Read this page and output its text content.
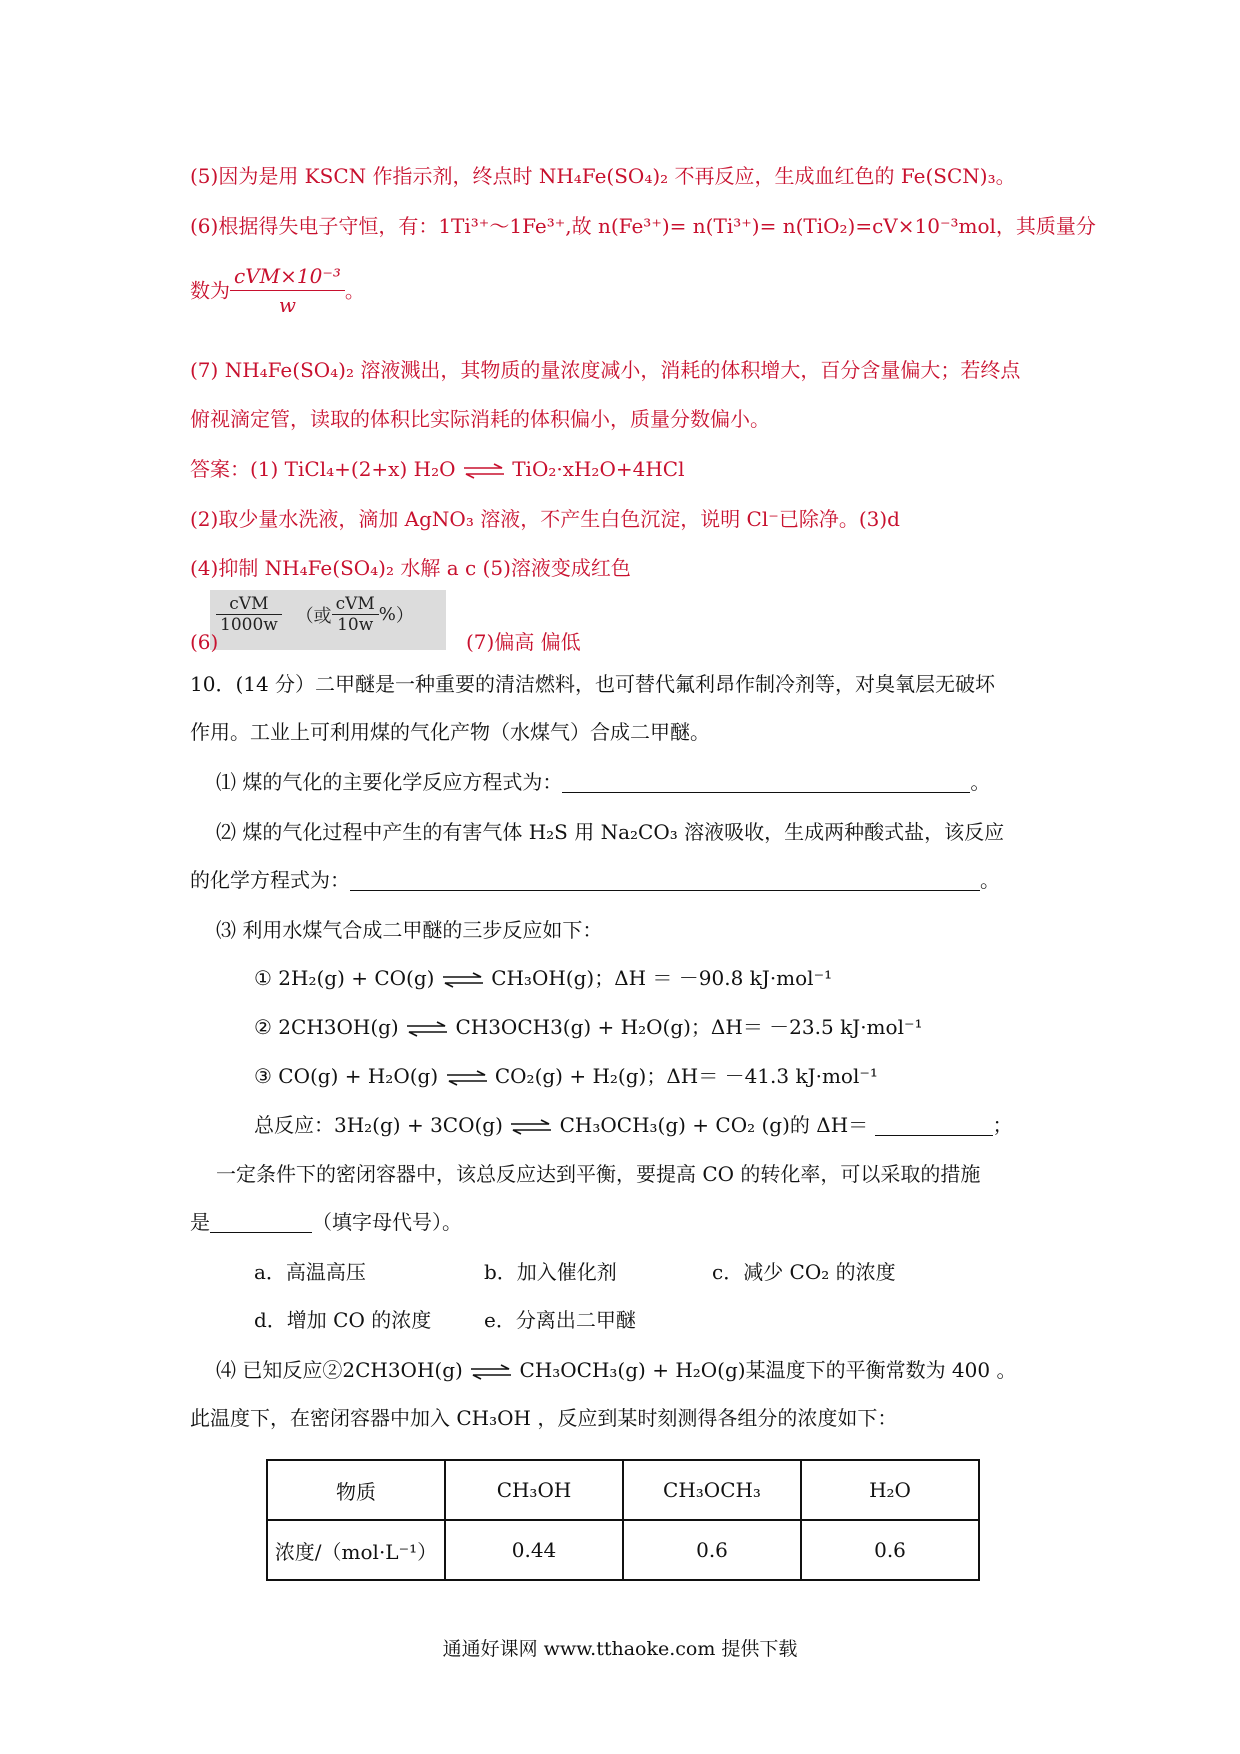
(5)因为是用 KSCN 作指示剂，终点时 NH₄Fe(SO₄)₂ 不再反应，生成血红色的 Fe(SCN)₃。
(6)根据得失电子守恒，有：1Ti³⁺～1Fe³⁺,故 n(Fe³⁺)= n(Ti³⁺)= n(TiO₂)=cV×10⁻³mol，其质量分
数为 $\frac{\text{cVM×10⁻³}}{w}$ 。
(7) NH₄Fe(SO₄)₂ 溶液溅出，其物质的量浓度减小，消耗的体积增大，百分含量偏大；若终点
俯视滴定管，读取的体积比实际消耗的体积偏小，质量分数偏小。
答案：(1) TiCl₄+(2+x) H₂O ⇌ TiO₂·xH₂O+4HCl
(2)取少量水洗液，滴加 AgNO₃ 溶液，不产生白色沉淀，说明 Cl⁻已除净。(3)d
(4)抑制 NH₄Fe(SO₄)₂ 水解 a c (5)溶液变成红色
$\frac{\text{cVM}}{1000w}$ （或 $\frac{\text{cVM}}{10w}$ %）
(6)	(7)偏高 偏低
10．(14 分）二甲醚是一种重要的清洁燃料，也可替代氟利昂作制冷剂等，对臭氧层无破坏
作用。工业上可利用煤的气化产物（水煤气）合成二甲醚。
⑴ 煤的气化的主要化学反应方程式为：	。
⑵ 煤的气化过程中产生的有害气体 H₂S 用 Na₂CO₃ 溶液吸收，生成两种酸式盐，该反应
的化学方程式为：	。
⑶ 利用水煤气合成二甲醚的三步反应如下：
① 2H₂(g) + CO(g) ⇌ CH₃OH(g)；ΔH ＝ －90.8 kJ·mol⁻¹
② 2CH3OH(g) ⇌ CH3OCH3(g) + H₂O(g)；ΔH＝ －23.5 kJ·mol⁻¹
③ CO(g) + H₂O(g) ⇌ CO₂(g) + H₂(g)；ΔH＝ －41.3 kJ·mol⁻¹
总反应：3H₂(g) + 3CO(g) ⇌ CH₃OCH₃(g) + CO₂ (g)的 ΔH＝	；
一定条件下的密闭容器中，该总反应达到平衡，要提高 CO 的转化率，可以采取的措施
是	（填字母代号）。
a．高温高压	b．加入催化剂	c．减少 CO₂ 的浓度
d．增加 CO 的浓度	e．分离出二甲醚
⑷ 已知反应②2CH3OH(g) ⇌ CH₃OCH₃(g) + H₂O(g)某温度下的平衡常数为 400 。
此温度下，在密闭容器中加入 CH₃OH ，反应到某时刻测得各组分的浓度如下：
物质	CH₃OH	CH₃OCH₃	H₂O
浓度/（mol·L⁻¹）	0.44	0.6	0.6
通通好课网 www.tthaoke.com 提供下载
